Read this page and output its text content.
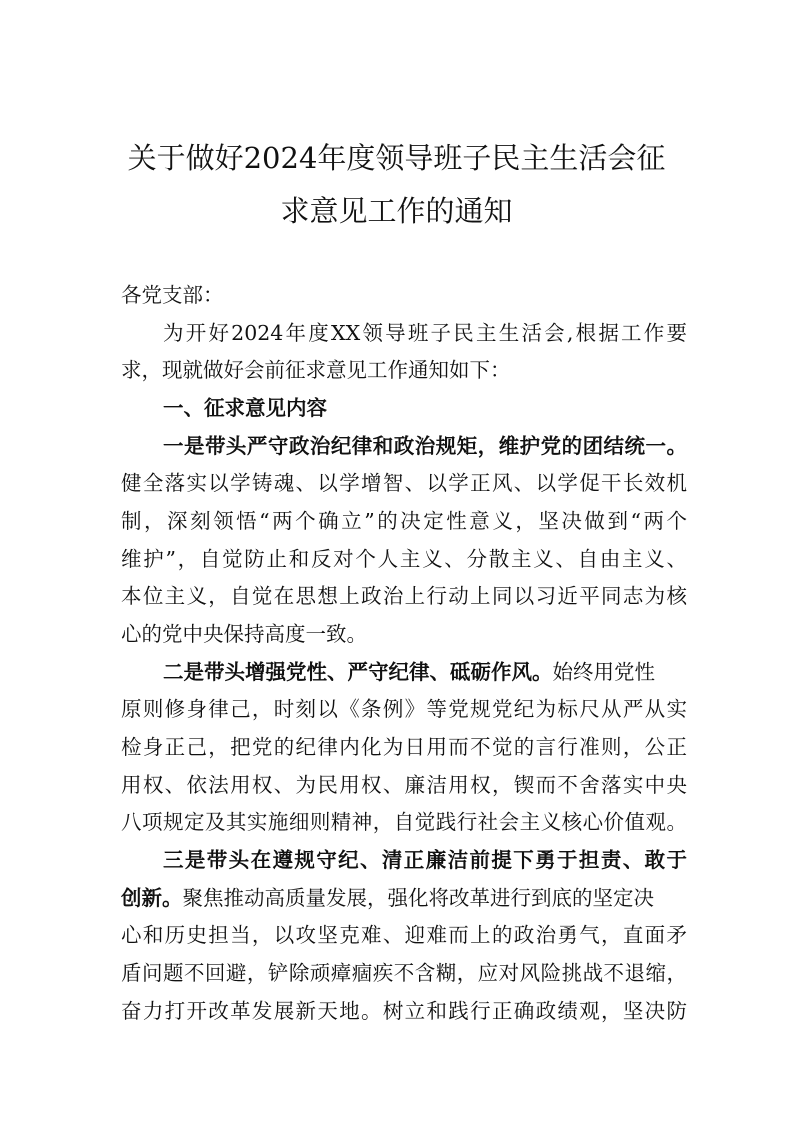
关于做好2024年度领导班子民主生活会征
求意见工作的通知
各党支部：
为开好2024年度XX领导班子民主生活会,根据工作要
求，现就做好会前征求意见工作通知如下：
一、征求意见内容
一是带头严守政治纪律和政治规矩，维护党的团结统一。
健全落实以学铸魂、以学增智、以学正风、以学促干长效机
制，深刻领悟“两个确立”的决定性意义，坚决做到“两个
维护”，自觉防止和反对个人主义、分散主义、自由主义、
本位主义，自觉在思想上政治上行动上同以习近平同志为核
心的党中央保持高度一致。
二是带头增强党性、严守纪律、砥砺作风。始终用党性
原则修身律己，时刻以《条例》等党规党纪为标尺从严从实
检身正己，把党的纪律内化为日用而不觉的言行准则，公正
用权、依法用权、为民用权、廉洁用权，锲而不舍落实中央
八项规定及其实施细则精神，自觉践行社会主义核心价值观。
三是带头在遵规守纪、清正廉洁前提下勇于担责、敢于
创新。聚焦推动高质量发展，强化将改革进行到底的坚定决
心和历史担当，以攻坚克难、迎难而上的政治勇气，直面矛
盾问题不回避，铲除顽瘴痼疾不含糊，应对风险挑战不退缩，
奋力打开改革发展新天地。树立和践行正确政绩观，坚决防
